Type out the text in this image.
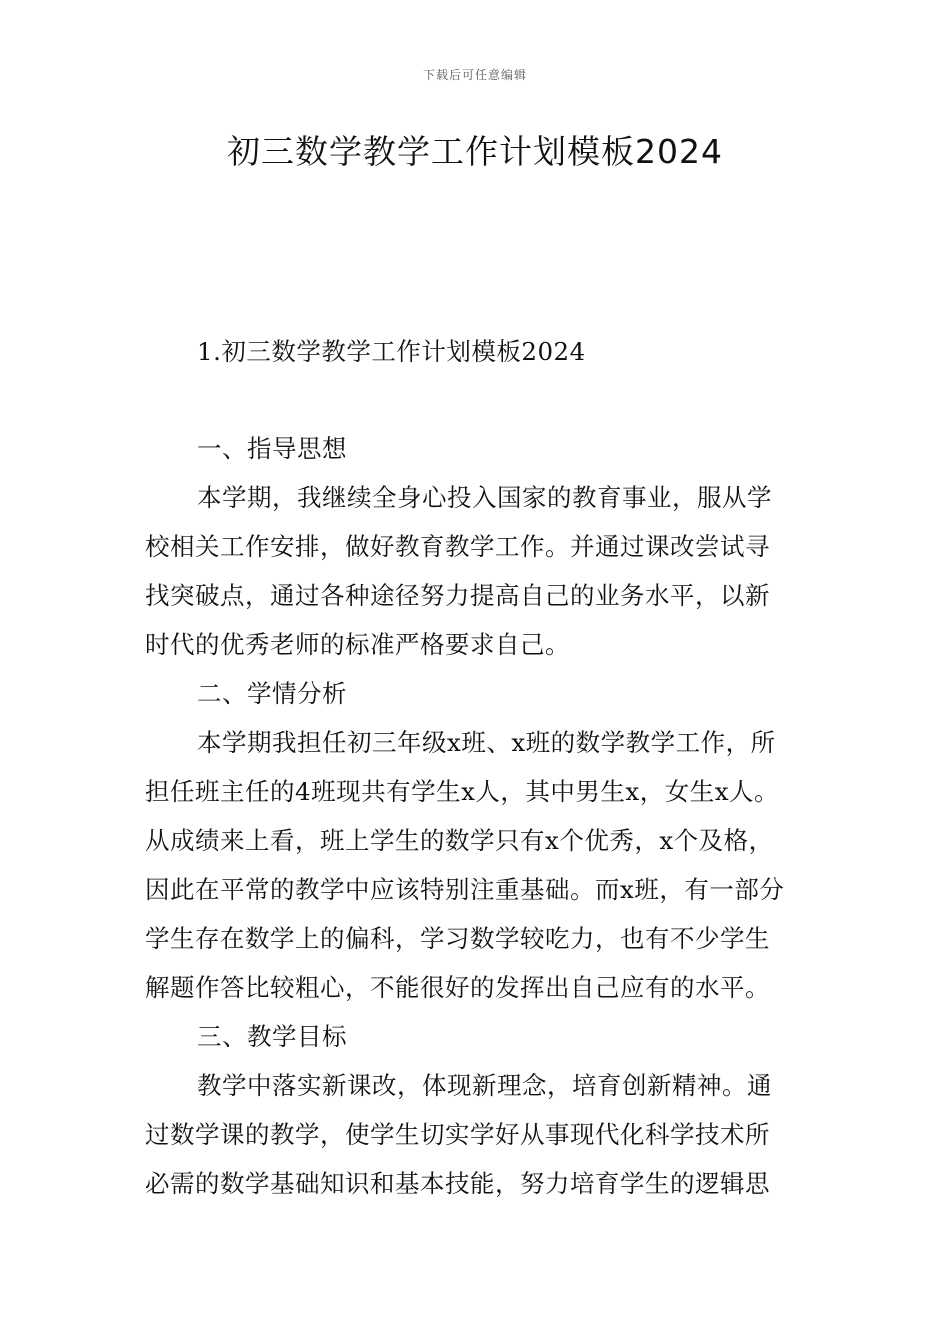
下载后可任意编辑
初三数学教学工作计划模板2024

1.初三数学教学工作计划模板2024

一、指导思想

本学期，我继续全身心投入国家的教育事业，服从学

校相关工作安排，做好教育教学工作。并通过课改尝试寻

找突破点，通过各种途径努力提高自己的业务水平，以新

时代的优秀老师的标准严格要求自己。

二、学情分析

本学期我担任初三年级x班、x班的数学教学工作，所

担任班主任的4班现共有学生x人，其中男生x，女生x人。

从成绩来上看，班上学生的数学只有x个优秀，x个及格，

因此在平常的教学中应该特别注重基础。而x班，有一部分

学生存在数学上的偏科，学习数学较吃力，也有不少学生

解题作答比较粗心，不能很好的发挥出自己应有的水平。

三、教学目标

教学中落实新课改，体现新理念，培育创新精神。通

过数学课的教学，使学生切实学好从事现代化科学技术所

必需的数学基础知识和基本技能，努力培育学生的逻辑思
